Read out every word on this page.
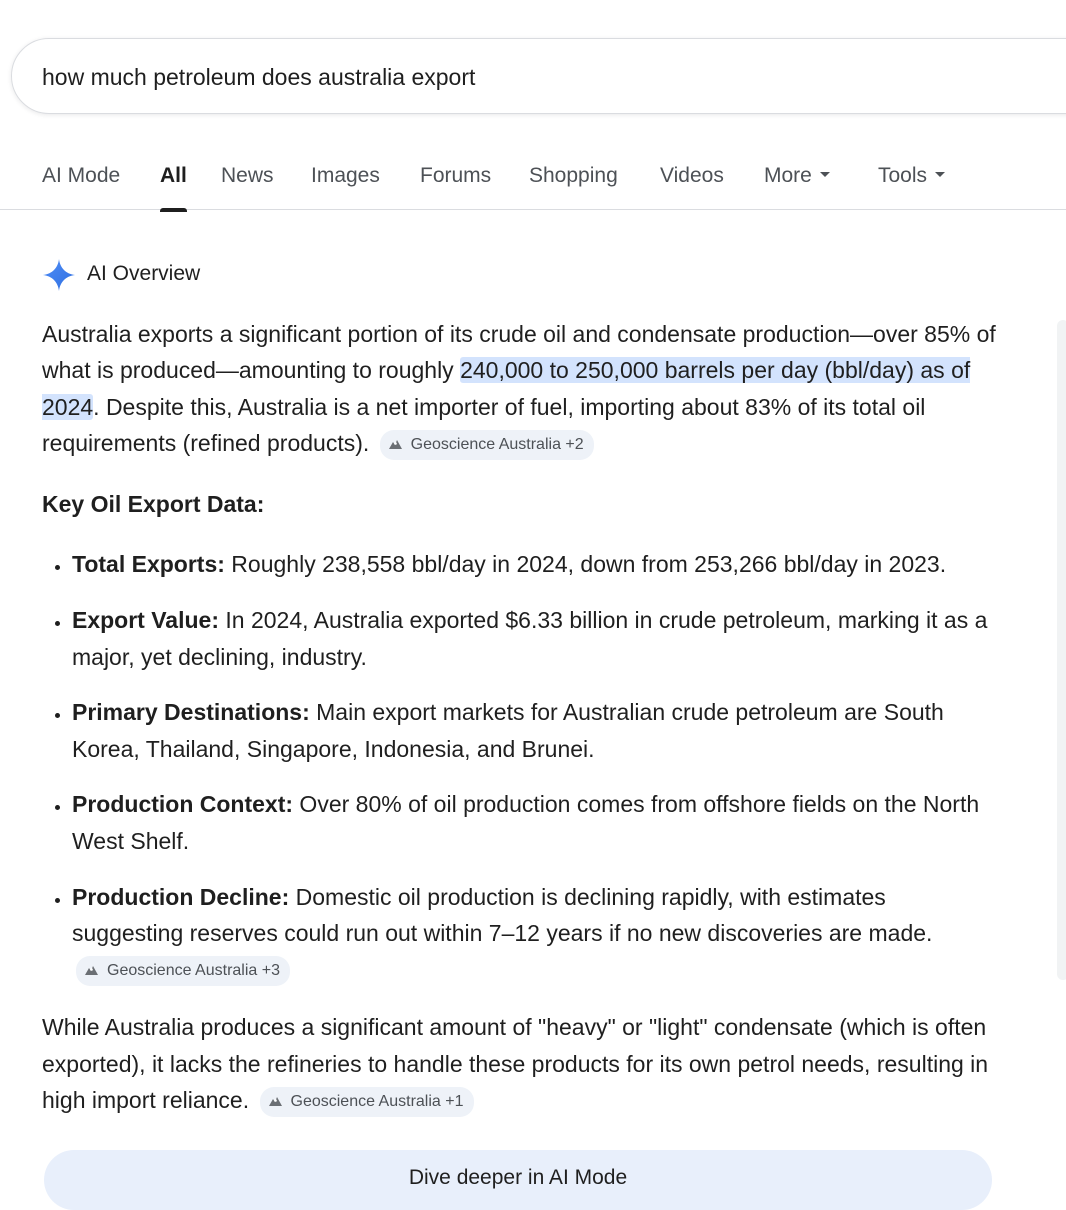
how much petroleum does australia export
AI Mode All News Images Forums Shopping Videos More	Tools
AI Overview

Australia exports a significant portion of its crude oil and condensate production—over 85% of what is produced—amounting to roughly 240,000 to 250,000 barrels per day (bbl/day) as of 2024. Despite this, Australia is a net importer of fuel, importing about 83% of its total oil requirements (refined products). Geoscience Australia +2

Key Oil Export Data:

• Total Exports: Roughly 238,558 bbl/day in 2024, down from 253,266 bbl/day in 2023.
• Export Value: In 2024, Australia exported $6.33 billion in crude petroleum, marking it as a major, yet declining, industry.
• Primary Destinations: Main export markets for Australian crude petroleum are South Korea, Thailand, Singapore, Indonesia, and Brunei.
• Production Context: Over 80% of oil production comes from offshore fields on the North West Shelf.
• Production Decline: Domestic oil production is declining rapidly, with estimates suggesting reserves could run out within 7–12 years if no new discoveries are made. Geoscience Australia +3

While Australia produces a significant amount of "heavy" or "light" condensate (which is often exported), it lacks the refineries to handle these products for its own petrol needs, resulting in high import reliance. Geoscience Australia +1

Dive deeper in AI Mode
